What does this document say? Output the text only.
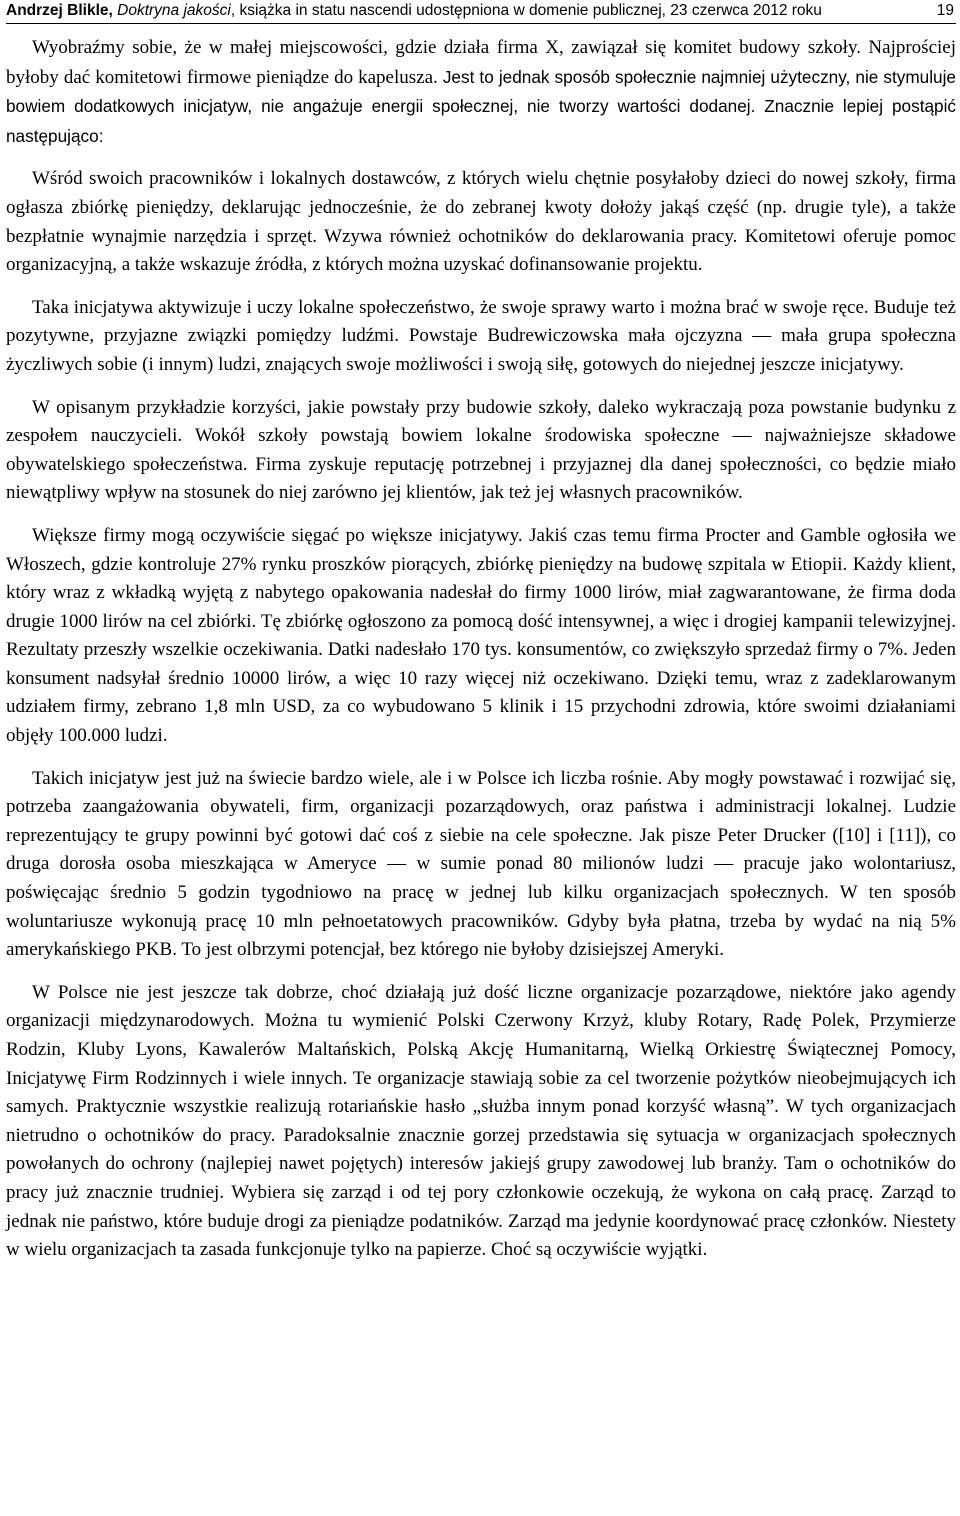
Andrzej Blikle, Doktryna jakości, książka in statu nascendi udostępniona w domenie publicznej, 23 czerwca 2012 roku	19

Wyobraźmy sobie, że w małej miejscowości, gdzie działa firma X, zawiązał się komitet budowy szkoły. Najprościej byłoby dać komitetowi firmowe pieniądze do kapelusza. Jest to jednak sposób społecznie najmniej użyteczny, nie stymuluje bowiem dodatkowych inicjatyw, nie angażuje energii społecznej, nie tworzy wartości dodanej. Znacznie lepiej postąpić następująco:

Wśród swoich pracowników i lokalnych dostawców, z których wielu chętnie posyłałoby dzieci do nowej szkoły, firma ogłasza zbiórkę pieniędzy, deklarując jednocześnie, że do zebranej kwoty dołoży jakąś część (np. drugie tyle), a także bezpłatnie wynajmie narzędzia i sprzęt. Wzywa również ochotników do deklarowania pracy. Komitetowi oferuje pomoc organizacyjną, a także wskazuje źródła, z których można uzyskać dofinansowanie projektu.

Taka inicjatywa aktywizuje i uczy lokalne społeczeństwo, że swoje sprawy warto i można brać w swoje ręce. Buduje też pozytywne, przyjazne związki pomiędzy ludźmi. Powstaje Budrewiczowska mała ojczyzna — mała grupa społeczna życzliwych sobie (i innym) ludzi, znających swoje możliwości i swoją siłę, gotowych do niejednej jeszcze inicjatywy.

W opisanym przykładzie korzyści, jakie powstały przy budowie szkoły, daleko wykraczają poza powstanie budynku z zespołem nauczycieli. Wokół szkoły powstają bowiem lokalne środowiska społeczne — najważniejsze składowe obywatelskiego społeczeństwa. Firma zyskuje reputację potrzebnej i przyjaznej dla danej społeczności, co będzie miało niewątpliwy wpływ na stosunek do niej zarówno jej klientów, jak też jej własnych pracowników.

Większe firmy mogą oczywiście sięgać po większe inicjatywy. Jakiś czas temu firma Procter and Gamble ogłosiła we Włoszech, gdzie kontroluje 27% rynku proszków piorących, zbiórkę pieniędzy na budowę szpitala w Etiopii. Każdy klient, który wraz z wkładką wyjętą z nabytego opakowania nadesłał do firmy 1000 lirów, miał zagwarantowane, że firma doda drugie 1000 lirów na cel zbiórki. Tę zbiórkę ogłoszono za pomocą dość intensywnej, a więc i drogiej kampanii telewizyjnej. Rezultaty przeszły wszelkie oczekiwania. Datki nadesłało 170 tys. konsumentów, co zwiększyło sprzedaż firmy o 7%. Jeden konsument nadsyłał średnio 10000 lirów, a więc 10 razy więcej niż oczekiwano. Dzięki temu, wraz z zadeklarowanym udziałem firmy, zebrano 1,8 mln USD, za co wybudowano 5 klinik i 15 przychodni zdrowia, które swoimi działaniami objęły 100.000 ludzi.

Takich inicjatyw jest już na świecie bardzo wiele, ale i w Polsce ich liczba rośnie. Aby mogły powstawać i rozwijać się, potrzeba zaangażowania obywateli, firm, organizacji pozarządowych, oraz państwa i administracji lokalnej. Ludzie reprezentujący te grupy powinni być gotowi dać coś z siebie na cele społeczne. Jak pisze Peter Drucker ([10] i [11]), co druga dorosła osoba mieszkająca w Ameryce — w sumie ponad 80 milionów ludzi — pracuje jako wolontariusz, poświęcając średnio 5 godzin tygodniowo na pracę w jednej lub kilku organizacjach społecznych. W ten sposób woluntariusze wykonują pracę 10 mln pełnoetatowych pracowników. Gdyby była płatna, trzeba by wydać na nią 5% amerykańskiego PKB. To jest olbrzymi potencjał, bez którego nie byłoby dzisiejszej Ameryki.

W Polsce nie jest jeszcze tak dobrze, choć działają już dość liczne organizacje pozarządowe, niektóre jako agendy organizacji międzynarodowych. Można tu wymienić Polski Czerwony Krzyż, kluby Rotary, Radę Polek, Przymierze Rodzin, Kluby Lyons, Kawalerów Maltańskich, Polską Akcję Humanitarną, Wielką Orkiestrę Świątecznej Pomocy, Inicjatywę Firm Rodzinnych i wiele innych. Te organizacje stawiają sobie za cel tworzenie pożytków nieobejmujących ich samych. Praktycznie wszystkie realizują rotariańskie hasło „służba innym ponad korzyść własną”. W tych organizacjach nietrudno o ochotników do pracy. Paradoksalnie znacznie gorzej przedstawia się sytuacja w organizacjach społecznych powołanych do ochrony (najlepiej nawet pojętych) interesów jakiejś grupy zawodowej lub branży. Tam o ochotników do pracy już znacznie trudniej. Wybiera się zarząd i od tej pory członkowie oczekują, że wykona on całą pracę. Zarząd to jednak nie państwo, które buduje drogi za pieniądze podatników. Zarząd ma jedynie koordynować pracę członków. Niestety w wielu organizacjach ta zasada funkcjonuje tylko na papierze. Choć są oczywiście wyjątki.
